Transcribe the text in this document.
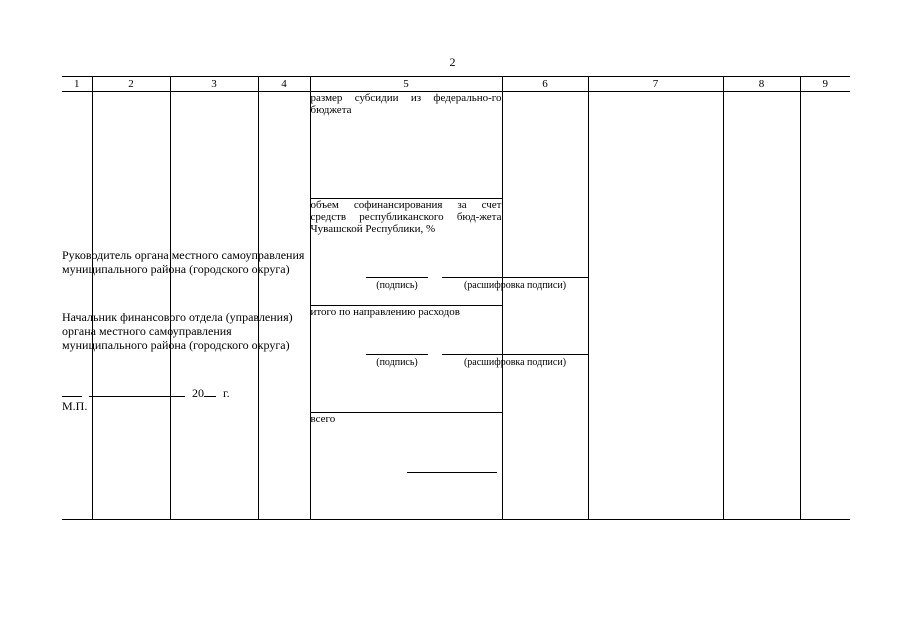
2
1	2	3	4	5	6	7	8	9

размер субсидии из федерально-го бюджета
объем софинансирования за счет средств республиканского бюд-жета Чувашской Республики, %
итого по направлению расходов
всего

Руководитель органа местного самоуправления
муниципального района (городского округа)
(подпись)	(расшифровка подписи)
Начальник финансового отдела (управления)
органа местного самоуправления
муниципального района (городского округа)
(подпись)	(расшифровка подписи)
20 г.
М.П.
